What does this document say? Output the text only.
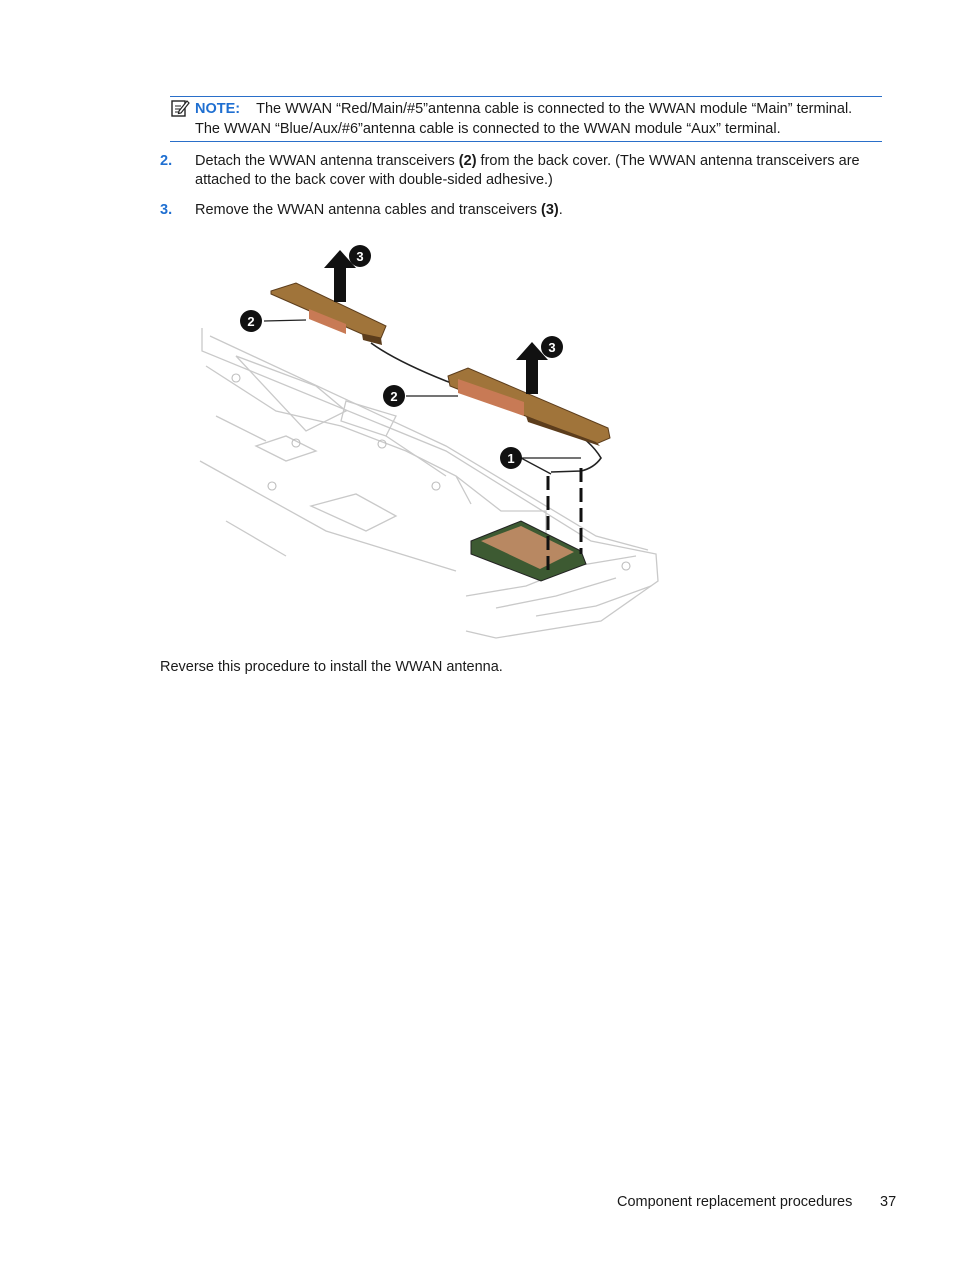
NOTE: The WWAN “Red/Main/#5”antenna cable is connected to the WWAN module “Main” terminal.
The WWAN “Blue/Aux/#6”antenna cable is connected to the WWAN module “Aux” terminal.
2. Detach the WWAN antenna transceivers (2) from the back cover. (The WWAN antenna transceivers are attached to the back cover with double-sided adhesive.)
3. Remove the WWAN antenna cables and transceivers (3).
3
2
3
2
1
Reverse this procedure to install the WWAN antenna.
Component replacement procedures 37
